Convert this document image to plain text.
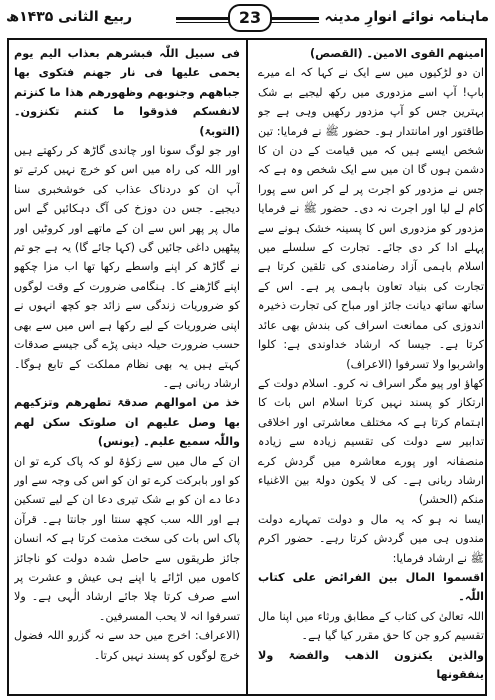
ماہنامہ نوائے انوارِ مدینہ
23
ربیع الثانی ۱۴۳۵ھ

امینھم القوی الامین۔ (القصص)

ان دو لڑکیوں میں سے ایک نے کہا کہ اے میرے باپ! آپ اسے مزدوری میں رکھ لیجیے بے شک بہترین جس کو آپ مزدور رکھیں وہی ہے جو طاقتور اور امانتدار ہو۔ حضور ﷺ نے فرمایا: تین شخص ایسے ہیں کہ میں قیامت کے دن ان کا دشمن ہوں گا ان میں سے ایک شخص وہ ہے کہ جس نے مزدور کو اجرت پر لے کر اس سے پورا کام لے لیا اور اجرت نہ دی۔ حضور ﷺ نے فرمایا مزدور کو مزدوری اس کا پسینہ خشک ہونے سے پہلے ادا کر دی جائے۔ تجارت کے سلسلے میں اسلام باہمی آزاد رضامندی کی تلقین کرتا ہے تجارت کی بنیاد تعاون باہمی پر ہے۔ اس کے ساتھ ساتھ دیانت جائز اور مباح کی تجارت ذخیرہ اندوزی کی ممانعت اسراف کی بندش بھی عائد کرتا ہے۔ جیسا کہ ارشاد خداوندی ہے: کلوا واشربوا ولا تسرفوا (الاعراف)

کھاؤ اور پیو مگر اسراف نہ کرو۔ اسلام دولت کے ارتکاز کو پسند نہیں کرتا اسلام اس بات کا اہتمام کرتا ہے کہ مختلف معاشرتی اور اخلاقی تدابیر سے دولت کی تقسیم زیادہ سے زیادہ منصفانہ اور پورے معاشرہ میں گردش کرے ارشاد ربانی ہے۔ کی لا یکون دولۃ بین الاغنیاء منکم (الحشر)

ایسا نہ ہو کہ یہ مال و دولت تمہارے دولت مندوں ہی میں گردش کرتا رہے۔ حضور اکرم ﷺ نے ارشاد فرمایا:

اقسموا المال بین الفرائض علی کتاب اللّٰہ۔

اللہ تعالیٰ کی کتاب کے مطابق ورثاء میں اپنا مال تقسیم کرو جن کا حق مقرر کیا گیا ہے۔

والذین یکنزون الذھب والفضۃ ولا ینفقونھا

فی سبیل اللّٰہ فبشرھم بعذاب الیم یوم یحمی علیھا فی نار جھنم فتکوی بھا جباھھم وجنوبھم وظھورھم ھذا ما کنزتم لانفسکم فذوقوا ما کنتم تکنزون۔ (التوبۃ)

اور جو لوگ سونا اور چاندی گاڑھ کر رکھتے ہیں اور اللہ کی راہ میں اس کو خرچ نہیں کرتے تو آپ ان کو دردناک عذاب کی خوشخبری سنا دیجیے۔ جس دن دوزخ کی آگ دہکائیں گے اس مال پر پھر اس سے ان کے ماتھے اور کروٹیں اور پیٹھیں داغی جائیں گی (کہا جائے گا) یہ ہے جو تم نے گاڑھ کر اپنے واسطے رکھا تھا اب مزا چکھو اپنے گاڑھنے کا۔ ہنگامی ضرورت کے وقت لوگوں کو ضروریات زندگی سے زائد جو کچھ انہوں نے اپنی ضروریات کے لیے رکھا ہے اس میں سے بھی حسب ضرورت حیلہ دینی پڑے گی جیسے صدقات کہتے ہیں یہ بھی نظام مملکت کے تابع ہوگا۔ ارشاد ربانی ہے۔

خذ من اموالھم صدقۃ تطھرھم وتزکیھم بھا وصل علیھم ان صلوتک سکن لھم واللّٰہ سمیع علیم۔ (یونس)

ان کے مال میں سے زکوٰۃ لو کہ پاک کرے تو ان کو اور بابرکت کرے تو ان کو اس کی وجہ سے اور دعا دے ان کو بے شک تیری دعا ان کے لیے تسکین ہے اور اللہ سب کچھ سنتا اور جانتا ہے۔ قرآن پاک اس بات کی سخت مذمت کرتا ہے کہ انسان جائز طریقوں سے حاصل شدہ دولت کو ناجائز کاموں میں اڑائے یا اپنے ہی عیش و عشرت پر اسے صرف کرتا چلا جائے ارشاد الٰہی ہے۔ ولا تسرفوا انہ لا یحب المسرفین۔

(الاعراف: اخرج میں حد سے نہ گزرو اللہ فضول خرچ لوگوں کو پسند نہیں کرتا۔
